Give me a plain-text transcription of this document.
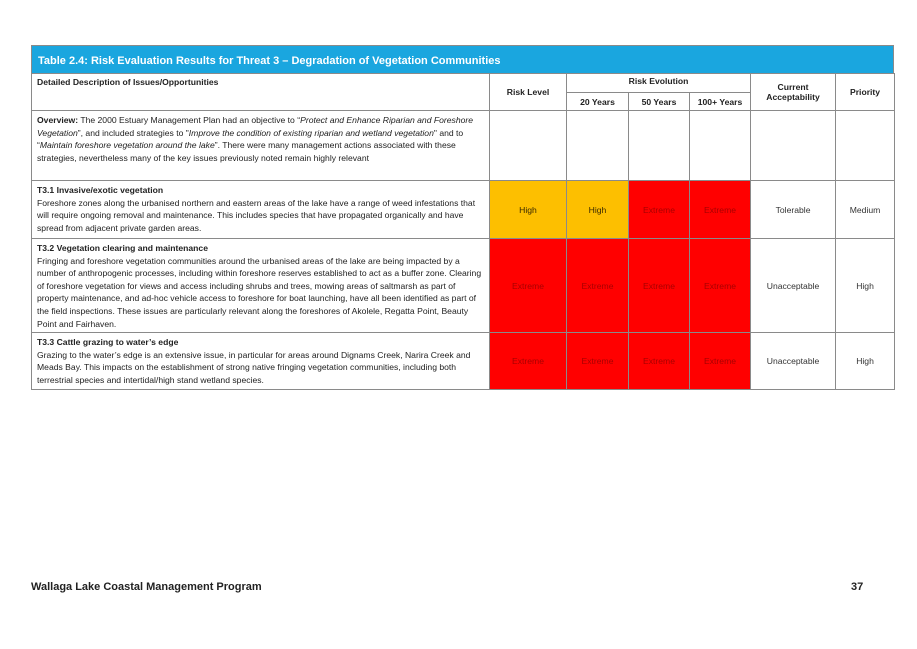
Table 2.4: Risk Evaluation Results for Threat 3 – Degradation of Vegetation Communities
Detailed Description of Issues/Opportunities	Risk Level	Risk Evolution			Current Acceptability	Priority
		20 Years	50 Years	100+ Years		
Overview: The 2000 Estuary Management Plan had an objective to “Protect and Enhance Riparian and Foreshore Vegetation”, and included strategies to "Improve the condition of existing riparian and wetland vegetation" and to “Maintain foreshore vegetation around the lake”. There were many management actions associated with these strategies, nevertheless many of the key issues previously noted remain highly relevant						
T3.1 Invasive/exotic vegetation
Foreshore zones along the urbanised northern and eastern areas of the lake have a range of weed infestations that will require ongoing removal and maintenance. This includes species that have propagated organically and have spread from adjacent private garden areas.	High	High	Extreme	Extreme	Tolerable	Medium
T3.2 Vegetation clearing and maintenance
Fringing and foreshore vegetation communities around the urbanised areas of the lake are being impacted by a number of anthropogenic processes, including within foreshore reserves established to act as a buffer zone. Clearing of foreshore vegetation for views and access including shrubs and trees, mowing areas of saltmarsh as part of property maintenance, and ad-hoc vehicle access to foreshore for boat launching, have all been identified as part of the field inspections. These issues are particularly relevant along the foreshores of Akolele, Regatta Point, Beauty Point and Fairhaven.	Extreme	Extreme	Extreme	Extreme	Unacceptable	High
T3.3 Cattle grazing to water’s edge
Grazing to the water’s edge is an extensive issue, in particular for areas around Dignams Creek, Narira Creek and Meads Bay. This impacts on the establishment of strong native fringing vegetation communities, including both terrestrial species and intertidal/high stand wetland species.	Extreme	Extreme	Extreme	Extreme	Unacceptable	High
Wallaga Lake Coastal Management Program	37
